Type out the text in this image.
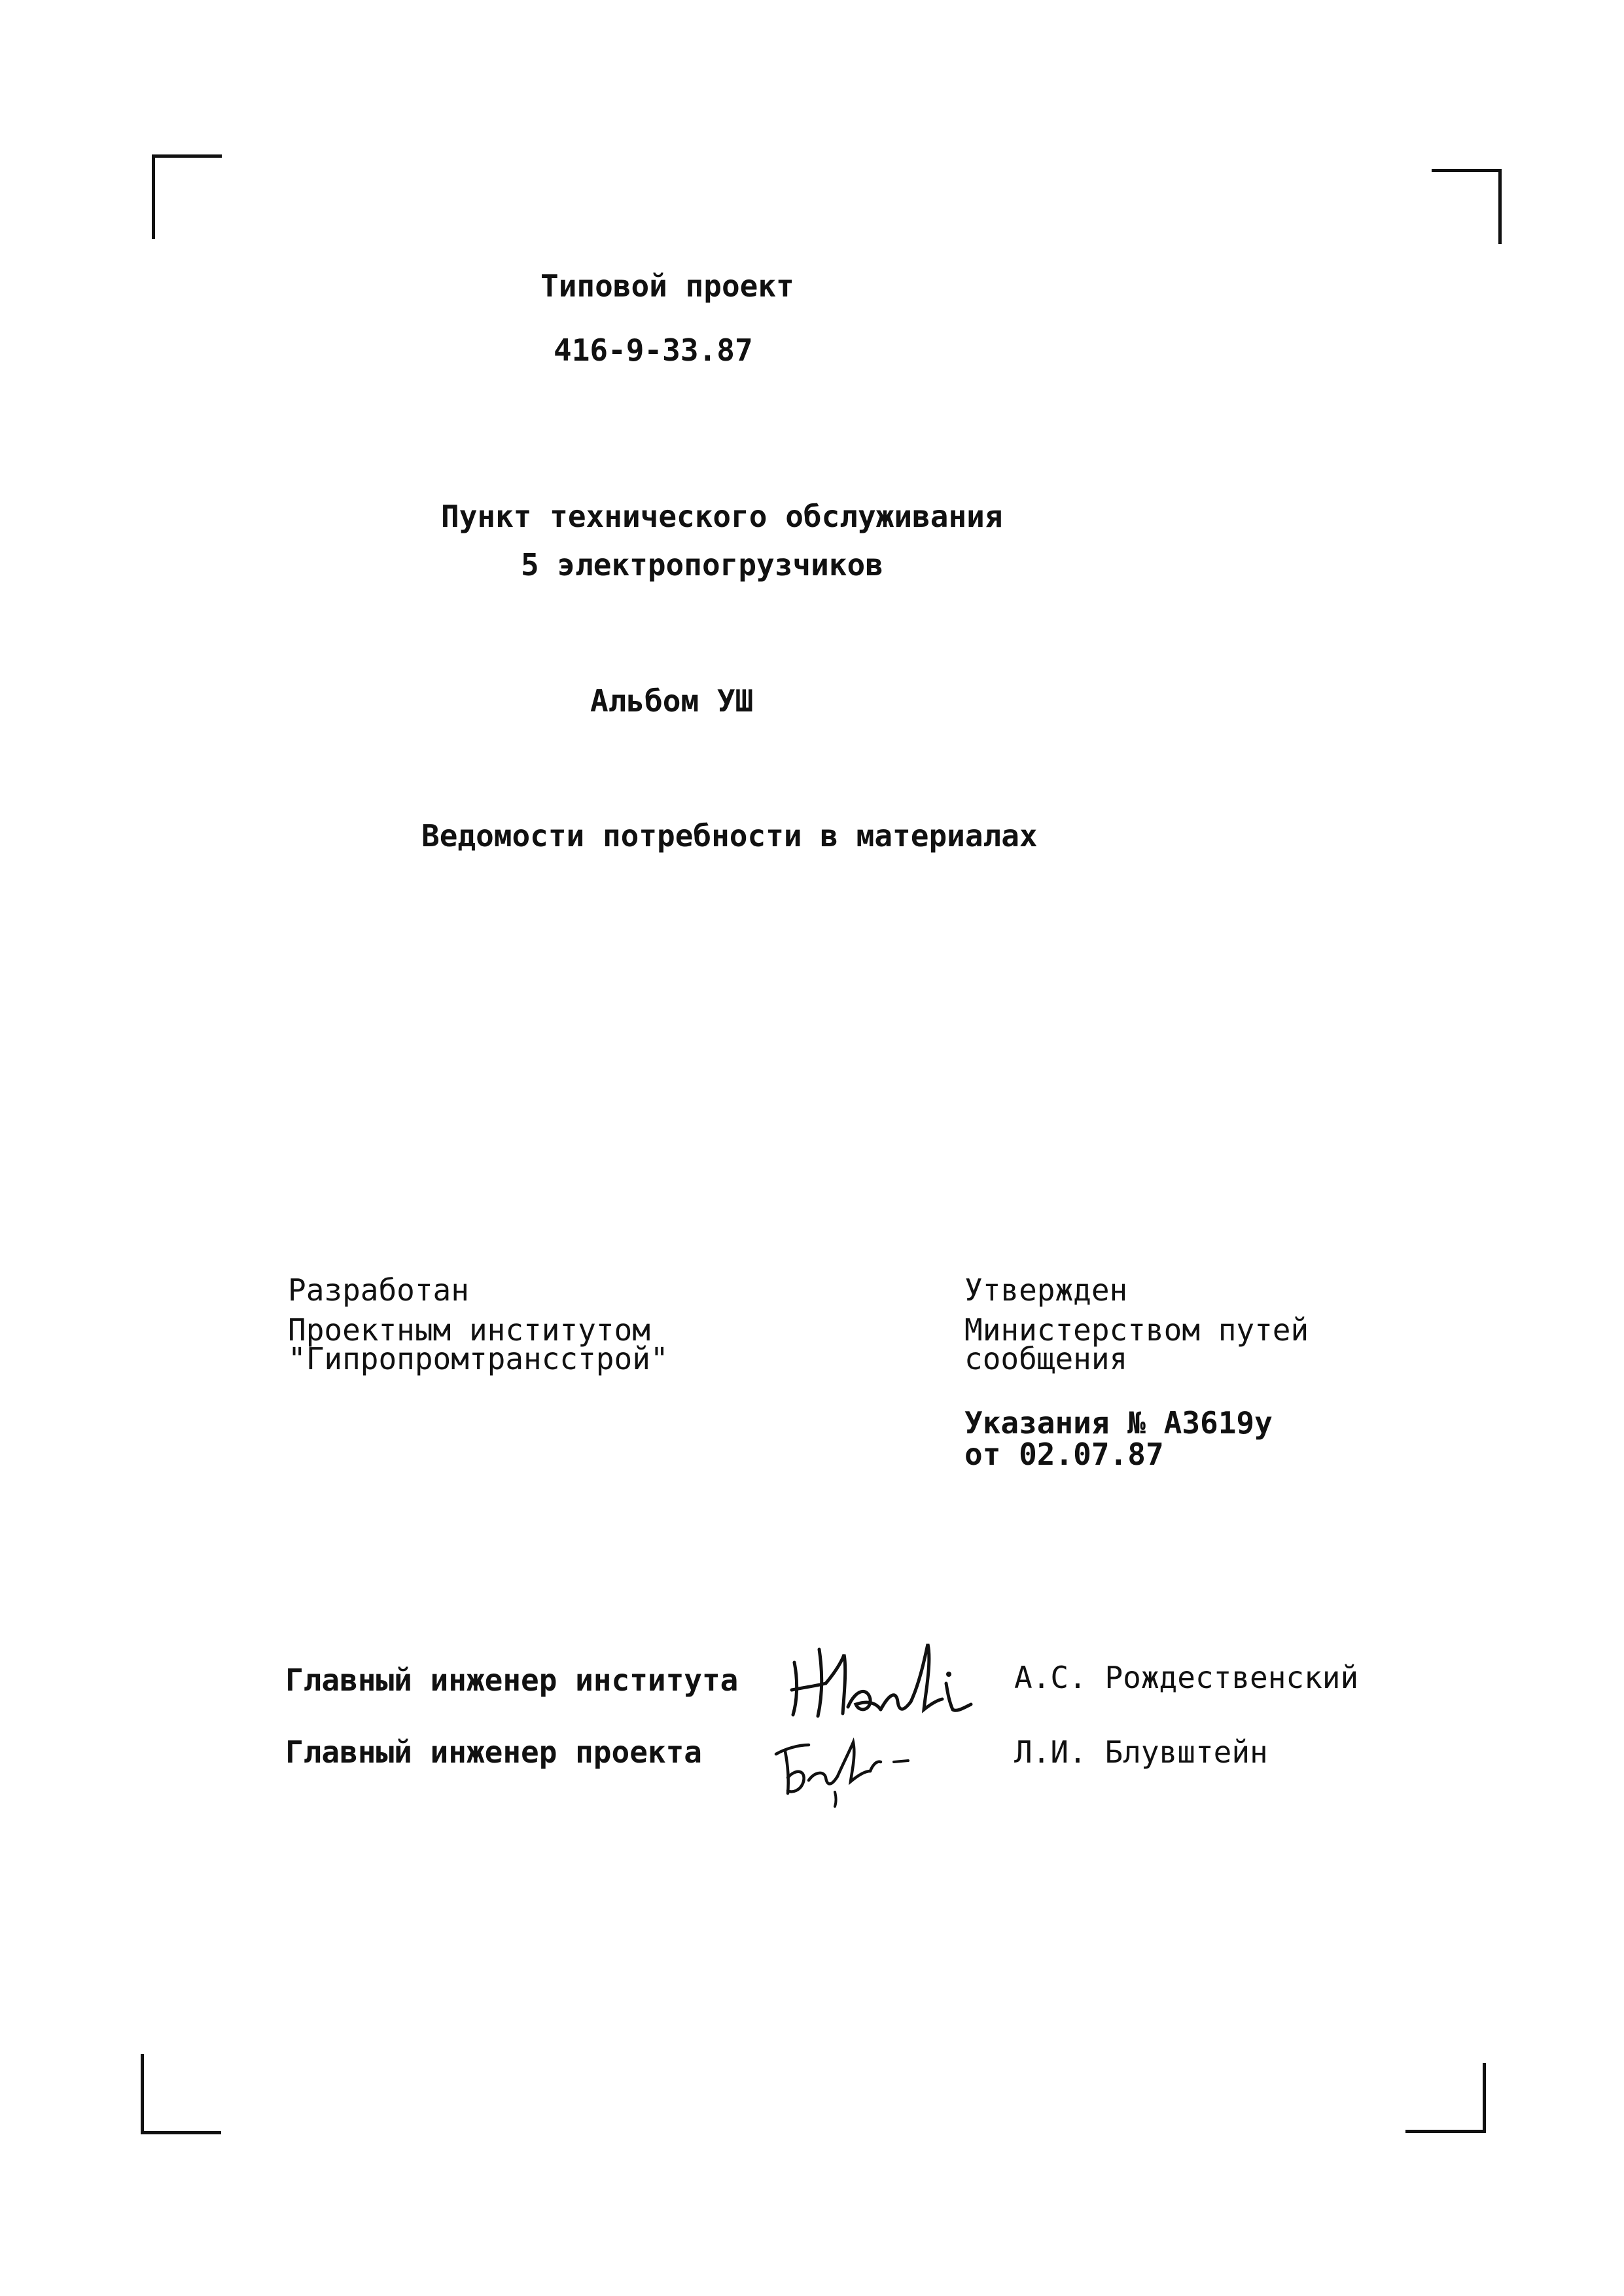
Типовой проект
416-9-33.87
Пункт технического обслуживания
5 электропогрузчиков
Альбом УШ
Ведомости потребности в материалах
Разработан
Проектным институтом
"Гипропромтрансстрой"
Утвержден
Министерством путей
сообщения
Указания № А3619у
от 02.07.87
Главный инженер института	А.С. Рождественский
Главный инженер проекта	Л.И. Блувштейн
